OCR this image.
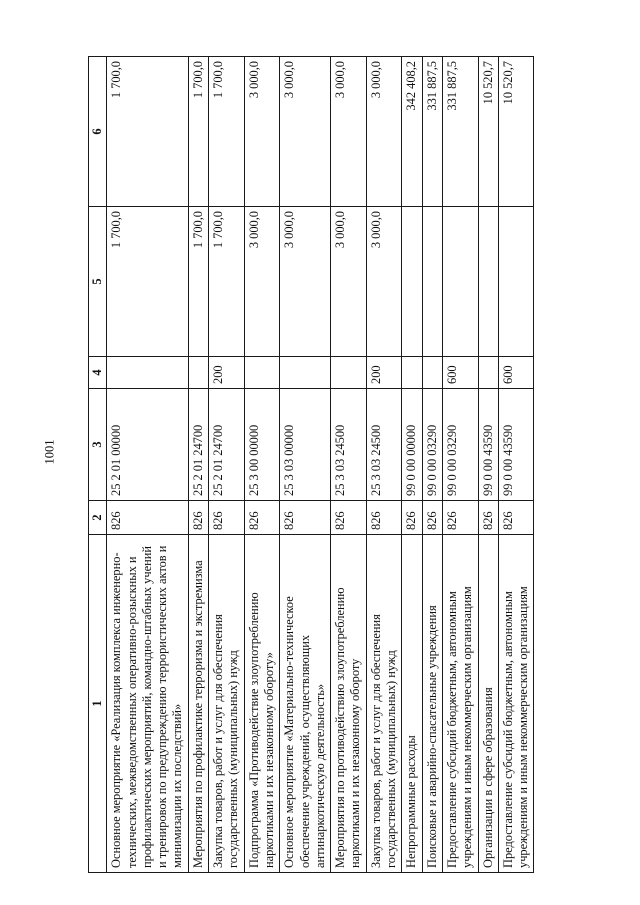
1001
1	2	3	4	5	6
Основное мероприятие «Реализация комплекса инженерно-технических, межведомственных оперативно-розыскных и профилактических мероприятий, командно-штабных учений и тренировок по предупреждению террористических актов и минимизации их последствий»	826	25 2 01 00000		1 700,0	1 700,0
Мероприятия по профилактике терроризма и экстремизма	826	25 2 01 24700		1 700,0	1 700,0
Закупка товаров, работ и услуг для обеспечения государственных (муниципальных) нужд	826	25 2 01 24700	200	1 700,0	1 700,0
Подпрограмма «Противодействие злоупотреблению наркотиками и их незаконному обороту»	826	25 3 00 00000		3 000,0	3 000,0
Основное мероприятие «Материально-техническое обеспечение учреждений, осуществляющих антинаркотическую деятельность»	826	25 3 03 00000		3 000,0	3 000,0
Мероприятия по противодействию злоупотреблению наркотиками и их незаконному обороту	826	25 3 03 24500		3 000,0	3 000,0
Закупка товаров, работ и услуг для обеспечения государственных (муниципальных) нужд	826	25 3 03 24500	200	3 000,0	3 000,0
Непрограммные расходы	826	99 0 00 00000			342 408,2
Поисковые и аварийно-спасательные учреждения	826	99 0 00 03290			331 887,5
Предоставление субсидий бюджетным, автономным учреждениям и иным некоммерческим организациям	826	99 0 00 03290	600		331 887,5
Организации в сфере образования	826	99 0 00 43590			10 520,7
Предоставление субсидий бюджетным, автономным учреждениям и иным некоммерческим организациям	826	99 0 00 43590	600		10 520,7
